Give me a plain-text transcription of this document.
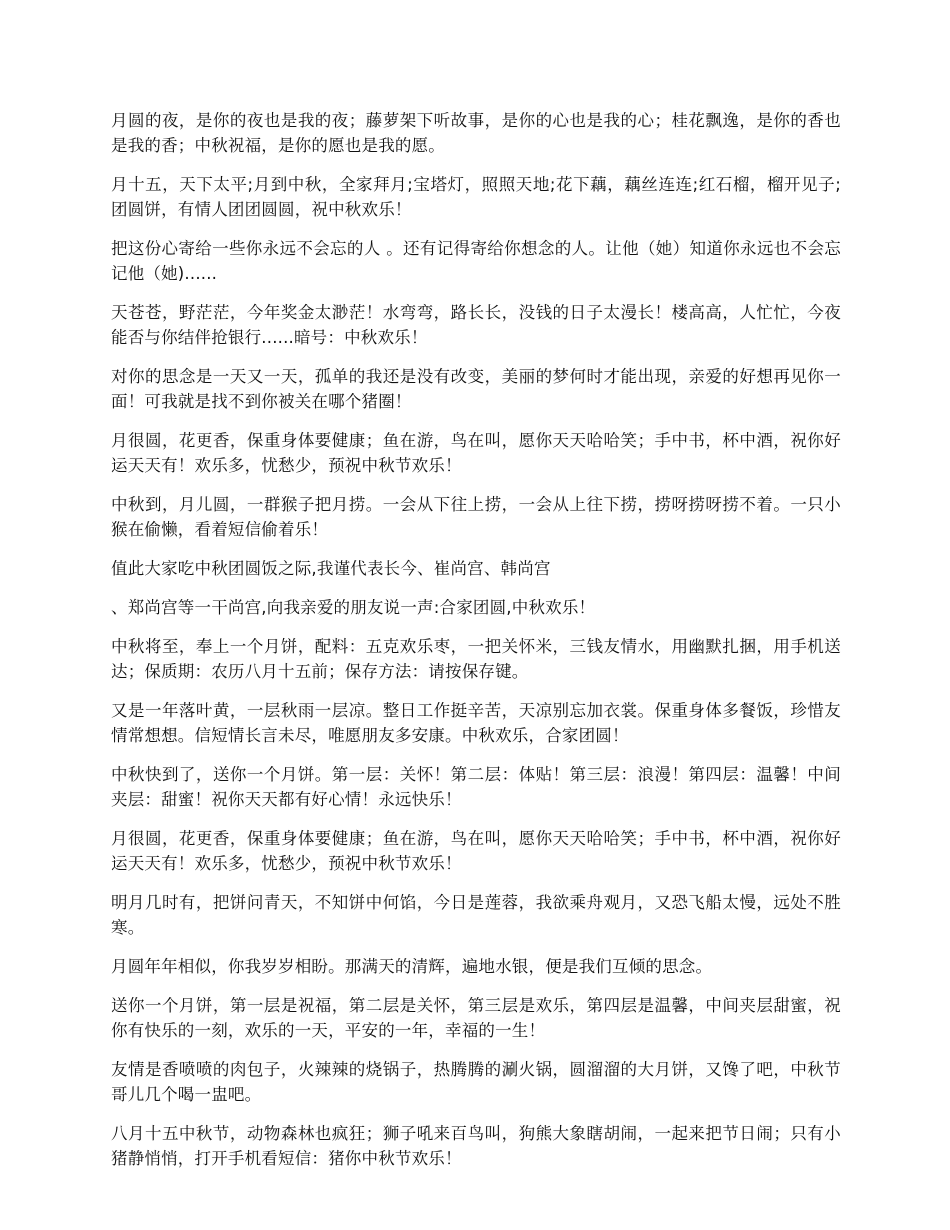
月圆的夜，是你的夜也是我的夜；藤萝架下听故事，是你的心也是我的心；桂花飘逸，是你的香也是我的香；中秋祝福，是你的愿也是我的愿。

月十五，天下太平;月到中秋，全家拜月;宝塔灯，照照天地;花下藕，藕丝连连;红石榴，榴开见子;团圆饼，有情人团团圆圆，祝中秋欢乐！

把这份心寄给一些你永远不会忘的人 。还有记得寄给你想念的人。让他（她）知道你永远也不会忘记他（她)......

天苍苍，野茫茫，今年奖金太渺茫！水弯弯，路长长，没钱的日子太漫长！楼高高，人忙忙，今夜能否与你结伴抢银行......暗号：中秋欢乐！

对你的思念是一天又一天，孤单的我还是没有改变，美丽的梦何时才能出现，亲爱的好想再见你一面！可我就是找不到你被关在哪个猪圈！

月很圆，花更香，保重身体要健康；鱼在游，鸟在叫，愿你天天哈哈笑；手中书，杯中酒，祝你好运天天有！欢乐多，忧愁少，预祝中秋节欢乐！

中秋到，月儿圆，一群猴子把月捞。一会从下往上捞，一会从上往下捞，捞呀捞呀捞不着。一只小猴在偷懒，看着短信偷着乐！

值此大家吃中秋团圆饭之际,我谨代表长今、崔尚宫、韩尚宫

、郑尚宫等一干尚宫,向我亲爱的朋友说一声:合家团圆,中秋欢乐！

中秋将至，奉上一个月饼，配料：五克欢乐枣，一把关怀米，三钱友情水，用幽默扎捆，用手机送达；保质期：农历八月十五前；保存方法：请按保存键。

又是一年落叶黄，一层秋雨一层凉。整日工作挺辛苦，天凉别忘加衣裳。保重身体多餐饭，珍惜友情常想想。信短情长言未尽，唯愿朋友多安康。中秋欢乐，合家团圆！

中秋快到了，送你一个月饼。第一层：关怀！第二层：体贴！第三层：浪漫！第四层：温馨！中间夹层：甜蜜！祝你天天都有好心情！永远快乐！

月很圆，花更香，保重身体要健康；鱼在游，鸟在叫，愿你天天哈哈笑；手中书，杯中酒，祝你好运天天有！欢乐多，忧愁少，预祝中秋节欢乐！

明月几时有，把饼问青天，不知饼中何馅，今日是莲蓉，我欲乘舟观月，又恐飞船太慢，远处不胜寒。

月圆年年相似，你我岁岁相盼。那满天的清辉，遍地水银，便是我们互倾的思念。

送你一个月饼，第一层是祝福，第二层是关怀，第三层是欢乐，第四层是温馨，中间夹层甜蜜，祝你有快乐的一刻，欢乐的一天，平安的一年，幸福的一生！

友情是香喷喷的肉包子，火辣辣的烧锅子，热腾腾的涮火锅，圆溜溜的大月饼，又馋了吧，中秋节哥儿几个喝一盅吧。

八月十五中秋节，动物森林也疯狂；狮子吼来百鸟叫，狗熊大象瞎胡闹，一起来把节日闹；只有小猪静悄悄，打开手机看短信：猪你中秋节欢乐！
